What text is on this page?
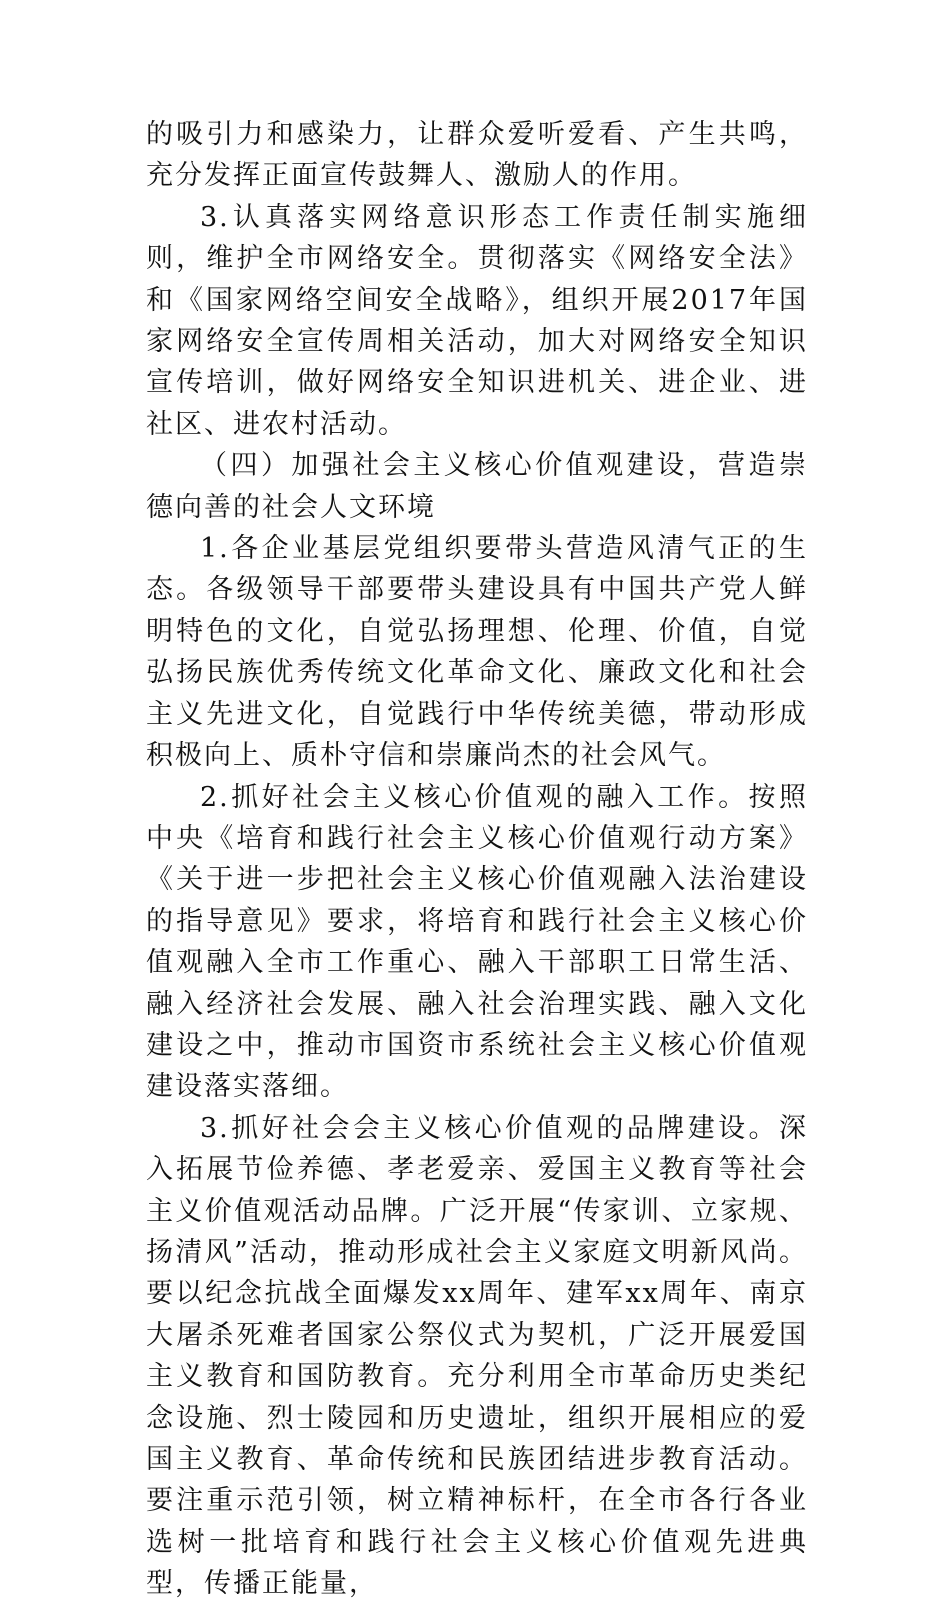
的吸引力和感染力，让群众爱听爱看、产生共鸣，充分发挥正面宣传鼓舞人、激励人的作用。

3.认真落实网络意识形态工作责任制实施细则，维护全市网络安全。贯彻落实《网络安全法》和《国家网络空间安全战略》，组织开展2017年国家网络安全宣传周相关活动，加大对网络安全知识宣传培训，做好网络安全知识进机关、进企业、进社区、进农村活动。

（四）加强社会主义核心价值观建设，营造崇德向善的社会人文环境

1.各企业基层党组织要带头营造风清气正的生态。各级领导干部要带头建设具有中国共产党人鲜明特色的文化，自觉弘扬理想、伦理、价值，自觉弘扬民族优秀传统文化革命文化、廉政文化和社会主义先进文化，自觉践行中华传统美德，带动形成积极向上、质朴守信和崇廉尚杰的社会风气。

2.抓好社会主义核心价值观的融入工作。按照中央《培育和践行社会主义核心价值观行动方案》《关于进一步把社会主义核心价值观融入法治建设的指导意见》要求，将培育和践行社会主义核心价值观融入全市工作重心、融入干部职工日常生活、融入经济社会发展、融入社会治理实践、融入文化建设之中，推动市国资市系统社会主义核心价值观建设落实落细。

3.抓好社会会主义核心价值观的品牌建设。深入拓展节俭养德、孝老爱亲、爱国主义教育等社会主义价值观活动品牌。广泛开展“传家训、立家规、扬清风”活动，推动形成社会主义家庭文明新风尚。要以纪念抗战全面爆发xx周年、建军xx周年、南京大屠杀死难者国家公祭仪式为契机，广泛开展爱国主义教育和国防教育。充分利用全市革命历史类纪念设施、烈士陵园和历史遗址，组织开展相应的爱国主义教育、革命传统和民族团结进步教育活动。要注重示范引领，树立精神标杆，在全市各行各业选树一批培育和践行社会主义核心价值观先进典型，传播正能量，
